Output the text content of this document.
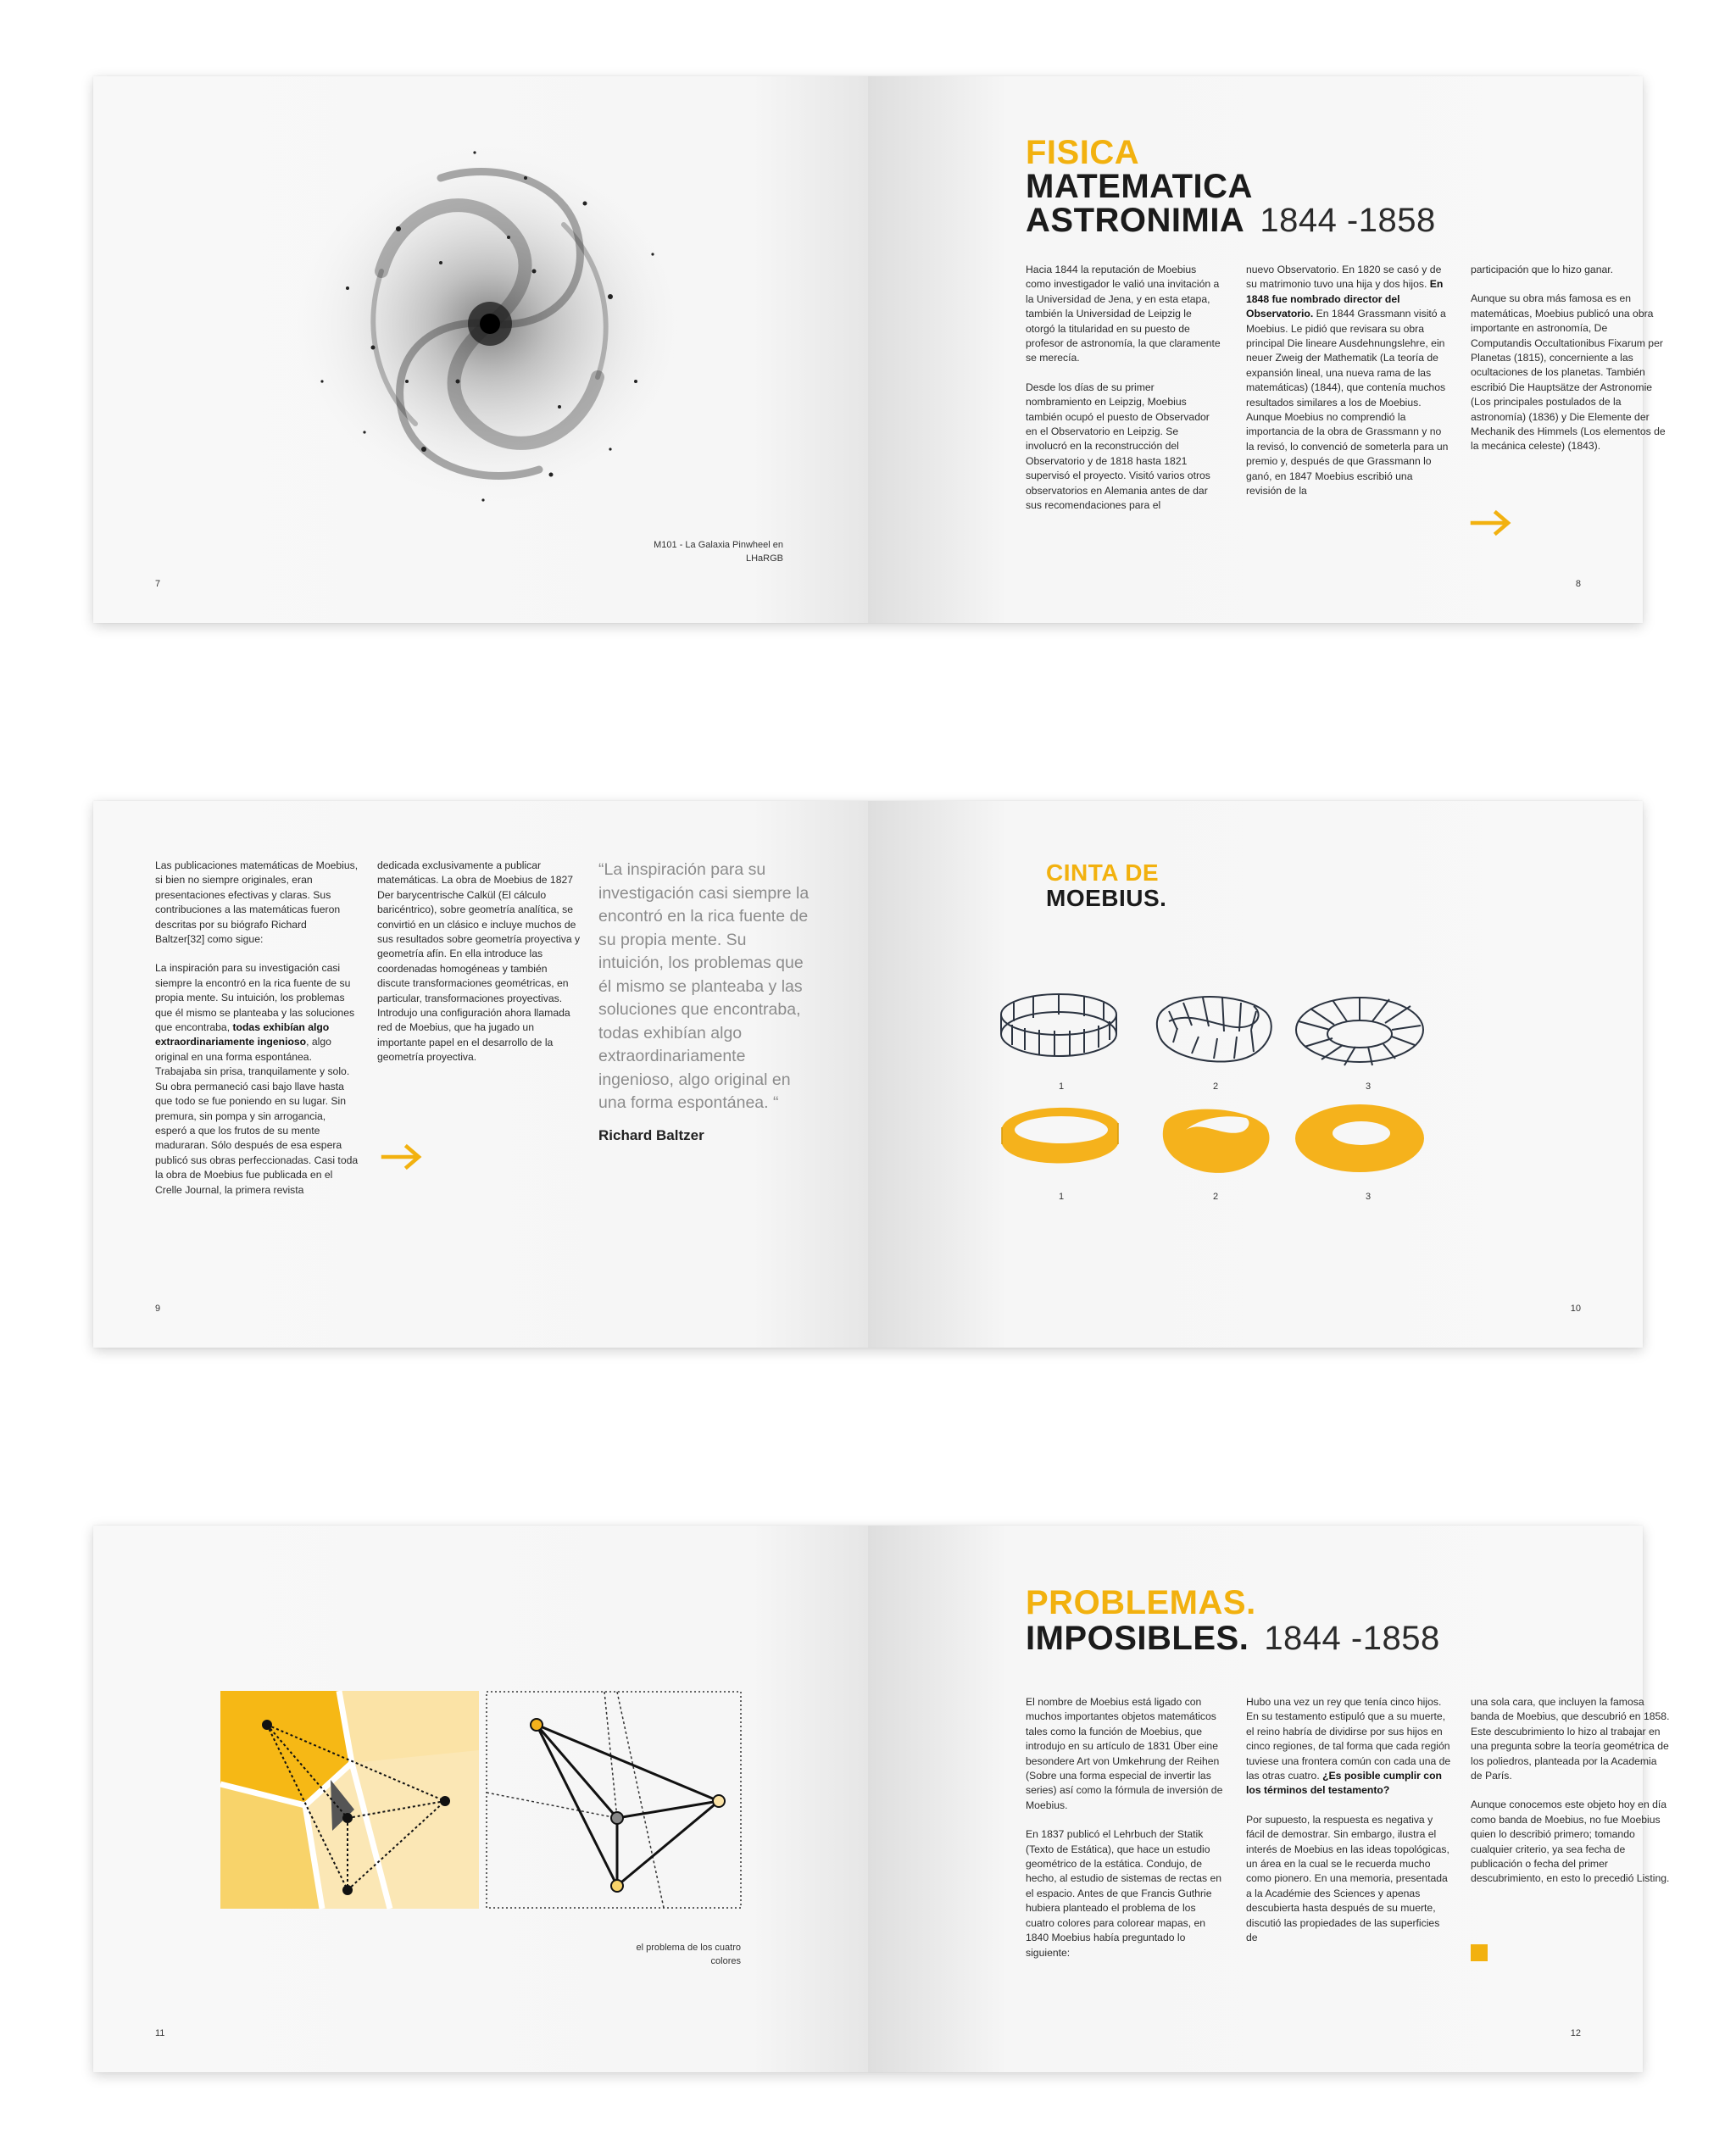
M101 - La Galaxia Pinwheel en
LHaRGB
7
FISICA
MATEMATICA
ASTRONIMIA 1844 -1858

Hacia 1844 la reputación de Moebius como investigador le valió una invitación a la Universidad de Jena, y en esta etapa, también la Universidad de Leipzig le otorgó la titularidad en su puesto de profesor de astronomía, la que claramente se merecía.

Desde los días de su primer nombramiento en Leipzig, Moebius también ocupó el puesto de Observador en el Observatorio en Leipzig. Se involucró en la reconstrucción del Observatorio y de 1818 hasta 1821 supervisó el proyecto. Visitó varios otros observatorios en Alemania antes de dar sus recomendaciones para el

nuevo Observatorio. En 1820 se casó y de su matrimonio tuvo una hija y dos hijos. En 1848 fue nombrado director del Observatorio. En 1844 Grassmann visitó a Moebius. Le pidió que revisara su obra principal Die lineare Ausdehnungslehre, ein neuer Zweig der Mathematik (La teoría de expansión lineal, una nueva rama de las matemáticas) (1844), que contenía muchos resultados similares a los de Moebius. Aunque Moebius no comprendió la importancia de la obra de Grassmann y no la revisó, lo convenció de someterla para un premio y, después de que Grassmann lo ganó, en 1847 Moebius escribió una revisión de la

participación que lo hizo ganar.

Aunque su obra más famosa es en matemáticas, Moebius publicó una obra importante en astronomía, De Computandis Occultationibus Fixarum per Planetas (1815), concerniente a las ocultaciones de los planetas. También escribió Die Hauptsätze der Astronomie (Los principales postulados de la astronomía) (1836) y Die Elemente der Mechanik des Himmels (Los elementos de la mecánica celeste) (1843).

8

Las publicaciones matemáticas de Moebius, si bien no siempre originales, eran presentaciones efectivas y claras. Sus contribuciones a las matemáticas fueron descritas por su biógrafo Richard Baltzer[32] como sigue:

La inspiración para su investigación casi siempre la encontró en la rica fuente de su propia mente. Su intuición, los problemas que él mismo se planteaba y las soluciones que encontraba, todas exhibían algo extraordinariamente ingenioso, algo original en una forma espontánea. Trabajaba sin prisa, tranquilamente y solo. Su obra permaneció casi bajo llave hasta que todo se fue poniendo en su lugar. Sin premura, sin pompa y sin arrogancia, esperó a que los frutos de su mente maduraran. Sólo después de esa espera publicó sus obras perfeccionadas. Casi toda la obra de Moebius fue publicada en el Crelle Journal, la primera revista

dedicada exclusivamente a publicar matemáticas. La obra de Moebius de 1827 Der barycentrische Calkül (El cálculo baricéntrico), sobre geometría analítica, se convirtió en un clásico e incluye muchos de sus resultados sobre geometría proyectiva y geometría afín. En ella introduce las coordenadas homogéneas y también discute transformaciones geométricas, en particular, transformaciones proyectivas. Introdujo una configuración ahora llamada red de Moebius, que ha jugado un importante papel en el desarrollo de la geometría proyectiva.

“La inspiración para su investigación casi siempre la encontró en la rica fuente de su propia mente. Su intuición, los problemas que él mismo se planteaba y las soluciones que encontraba, todas exhibían algo extraordinariamente ingenioso, algo original en una forma espontánea. “
Richard Baltzer
9
CINTA DE
MOEBIUS.
1	2	3
1	2	3
10
el problema de los cuatro
colores
11
PROBLEMAS.
IMPOSIBLES. 1844 -1858

El nombre de Moebius está ligado con muchos importantes objetos matemáticos tales como la función de Moebius, que introdujo en su artículo de 1831 Über eine besondere Art von Umkehrung der Reihen (Sobre una forma especial de invertir las series) así como la fórmula de inversión de Moebius.

En 1837 publicó el Lehrbuch der Statik (Texto de Estática), que hace un estudio geométrico de la estática. Condujo, de hecho, al estudio de sistemas de rectas en el espacio. Antes de que Francis Guthrie hubiera planteado el problema de los cuatro colores para colorear mapas, en 1840 Moebius había preguntado lo siguiente:

Hubo una vez un rey que tenía cinco hijos. En su testamento estipuló que a su muerte, el reino habría de dividirse por sus hijos en cinco regiones, de tal forma que cada región tuviese una frontera común con cada una de las otras cuatro. ¿Es posible cumplir con los términos del testamento?

Por supuesto, la respuesta es negativa y fácil de demostrar. Sin embargo, ilustra el interés de Moebius en las ideas topológicas, un área en la cual se le recuerda mucho como pionero. En una memoria, presentada a la Académie des Sciences y apenas descubierta hasta después de su muerte, discutió las propiedades de las superficies de

una sola cara, que incluyen la famosa banda de Moebius, que descubrió en 1858. Este descubrimiento lo hizo al trabajar en una pregunta sobre la teoría geométrica de los poliedros, planteada por la Academia de París.

Aunque conocemos este objeto hoy en día como banda de Moebius, no fue Moebius quien lo describió primero; tomando cualquier criterio, ya sea fecha de publicación o fecha del primer descubrimiento, en esto lo precedió Listing.

12
